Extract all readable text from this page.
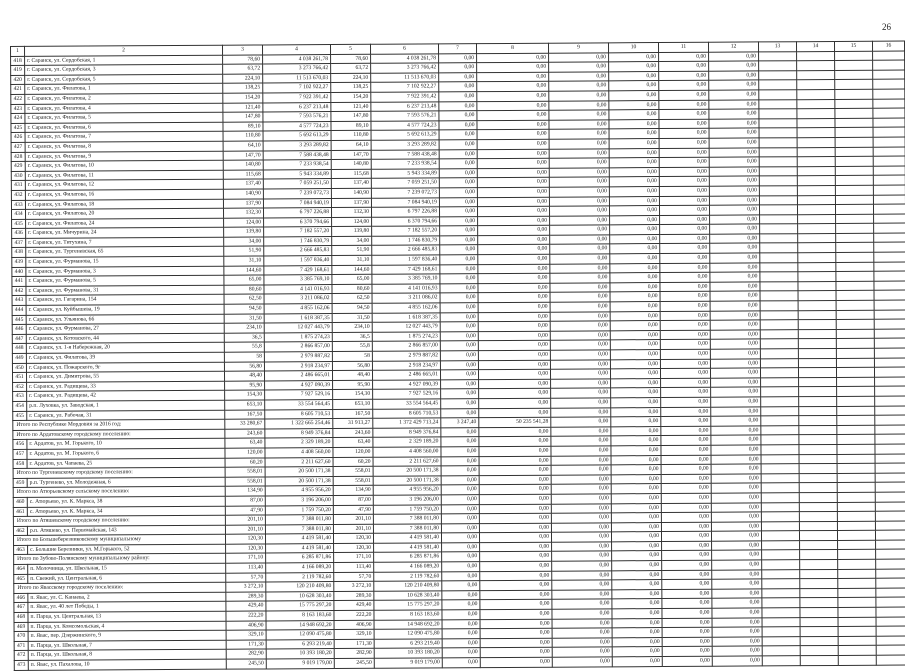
26
1	2	3	4	5	6	7	8	9	10	11	12	13	14	15	16
418	г. Саранск, ул. Сердобская, 1	78,60	4 038 261,78	78,60	4 038 261,78	0,00	0,00	0,00	0,00	0,00	0,00				
419	г. Саранск, ул. Сердобская, 3	63,72	3 273 766,42	63,72	3 273 766,42	0,00	0,00	0,00	0,00	0,00	0,00				
420	г. Саранск, ул. Сердобская, 5	224,10	11 513 670,03	224,10	11 513 670,03	0,00	0,00	0,00	0,00	0,00	0,00				
421	г. Саранск, ул. Филатова, 1	138,25	7 102 922,27	138,25	7 102 922,27	0,00	0,00	0,00	0,00	0,00	0,00				
422	г. Саранск, ул. Филатова, 2	154,20	7 922 391,42	154,20	7 922 391,42	0,00	0,00	0,00	0,00	0,00	0,00				
423	г. Саранск, ул. Филатова, 4	121,40	6 237 213,48	121,40	6 237 213,48	0,00	0,00	0,00	0,00	0,00	0,00				
424	г. Саранск, ул. Филатова, 5	147,80	7 593 576,21	147,80	7 593 576,21	0,00	0,00	0,00	0,00	0,00	0,00				
425	г. Саранск, ул. Филатова, 6	89,10	4 577 724,23	89,10	4 577 724,23	0,00	0,00	0,00	0,00	0,00	0,00				
426	г. Саранск, ул. Филатова, 7	110,80	5 692 613,29	110,80	5 692 613,29	0,00	0,00	0,00	0,00	0,00	0,00				
427	г. Саранск, ул. Филатова, 8	64,10	3 293 289,82	64,10	3 293 289,82	0,00	0,00	0,00	0,00	0,00	0,00				
428	г. Саранск, ул. Филатова, 9	147,70	7 588 438,48	147,70	7 588 438,48	0,00	0,00	0,00	0,00	0,00	0,00				
429	г. Саранск, ул. Филатова, 10	140,80	7 233 938,54	140,80	7 233 938,54	0,00	0,00	0,00	0,00	0,00	0,00				
430	г. Саранск, ул. Филатова, 11	115,68	5 943 334,89	115,68	5 943 334,89	0,00	0,00	0,00	0,00	0,00	0,00				
431	г. Саранск, ул. Филатова, 12	137,40	7 059 251,50	137,40	7 059 251,50	0,00	0,00	0,00	0,00	0,00	0,00				
432	г. Саранск, ул. Филатова, 16	140,90	7 239 072,73	140,90	7 239 072,73	0,00	0,00	0,00	0,00	0,00	0,00				
433	г. Саранск, ул. Филатова, 18	137,90	7 084 940,19	137,90	7 084 940,19	0,00	0,00	0,00	0,00	0,00	0,00				
434	г. Саранск, ул. Филатова, 20	132,30	6 797 226,88	132,30	6 797 226,88	0,00	0,00	0,00	0,00	0,00	0,00				
435	г. Саранск, ул. Филатова, 24	124,00	6 370 794,66	124,00	6 370 794,66	0,00	0,00	0,00	0,00	0,00	0,00				
436	г. Саранск, ул. Мичурина, 24	139,80	7 182 557,20	139,80	7 182 557,20	0,00	0,00	0,00	0,00	0,00	0,00				
437	г. Саранск, ул. Титухина, 7	34,00	1 746 830,79	34,00	1 746 830,79	0,00	0,00	0,00	0,00	0,00	0,00				
438	г. Саранск, ул. Тургеневская, 65	51,90	2 666 485,83	51,90	2 666 485,83	0,00	0,00	0,00	0,00	0,00	0,00				
439	г. Саранск, ул. Фурманова, 15	31,10	1 597 836,40	31,10	1 597 836,40	0,00	0,00	0,00	0,00	0,00	0,00				
440	г. Саранск, ул. Фурманова, 3	144,60	7 429 168,61	144,60	7 429 168,61	0,00	0,00	0,00	0,00	0,00	0,00				
441	г. Саранск, ул. Фурманова, 5	65,00	3 385 769,10	65,00	3 385 769,10	0,00	0,00	0,00	0,00	0,00	0,00				
442	г. Саранск, ул. Фурманова, 31	80,60	4 141 016,93	80,60	4 141 016,93	0,00	0,00	0,00	0,00	0,00	0,00				
443	г. Саранск, ул. Гагарина, 154	62,50	3 211 086,02	62,50	3 211 086,02	0,00	0,00	0,00	0,00	0,00	0,00				
444	г. Саранск, ул. Куйбышева, 19	94,50	4 855 162,06	94,50	4 855 162,06	0,00	0,00	0,00	0,00	0,00	0,00				
445	г. Саранск, ул. Ульянова, 66	31,50	1 618 387,35	31,50	1 618 387,35	0,00	0,00	0,00	0,00	0,00	0,00				
446	г. Саранск, ул. Фурманова, 27	234,10	12 027 443,79	234,10	12 027 443,79	0,00	0,00	0,00	0,00	0,00	0,00				
447	г. Саранск, ул. Котовского, 44	36,5	1 875 274,23	36,5	1 875 274,23	0,00	0,00	0,00	0,00	0,00	0,00				
448	г. Саранск, ул. 1-я Набережная, 20	55,8	2 866 857,00	55,8	2 866 857,00	0,00	0,00	0,00	0,00	0,00	0,00				
449	г. Саранск, ул. Филатова, 39	58	2 979 887,82	58	2 979 887,82	0,00	0,00	0,00	0,00	0,00	0,00				
450	г. Саранск, ул. Пожарского, 9г	56,80	2 918 234,97	56,80	2 918 234,97	0,00	0,00	0,00	0,00	0,00	0,00				
451	г. Саранск, ул. Димитрова, 55	48,40	2 486 665,01	48,40	2 486 665,01	0,00	0,00	0,00	0,00	0,00	0,00				
452	г. Саранск, ул. Радищева, 33	95,90	4 927 090,39	95,90	4 927 090,39	0,00	0,00	0,00	0,00	0,00	0,00				
453	г. Саранск, ул. Радищева, 42	154,30	7 927 529,16	154,30	7 927 529,16	0,00	0,00	0,00	0,00	0,00	0,00				
454	р.п. Луховка, ул. Заводская, 1	653,10	33 554 564,45	653,10	33 554 564,45	0,00	0,00	0,00	0,00	0,00	0,00				
455	г. Саранск, ул. Рабочая, 31	167,50	8 605 710,53	167,50	8 605 710,53	0,00	0,00	0,00	0,00	0,00	0,00				
Итого по Республике Мордовия за 2016 год:		33 280,67	1 322 665 254,46	31 913,27	1 372 429 713,24	3 247,40	50 235 541,28	0,00	0,00	0,00	0,00				
Итого по Ардатовскому городскому поселению:		243,60	8 949 376,84	243,60	8 949 376,84	0,00	0,00	0,00	0,00	0,00	0,00				
456	г. Ардатов, ул. М. Горького, 10	63,40	2 329 189,20	63,40	2 329 189,20	0,00	0,00	0,00	0,00	0,00	0,00				
457	г. Ардатов, ул. М. Горького, 6	120,00	4 408 560,00	120,00	4 408 560,00	0,00	0,00	0,00	0,00	0,00	0,00				
458	г. Ардатов, ул. Чапаева, 25	60,20	2 211 627,60	60,20	2 211 627,60	0,00	0,00	0,00	0,00	0,00	0,00				
Итого по Тургеневскому городскому поселению:		558,01	20 500 171,38	558,01	20 500 171,38	0,00	0,00	0,00	0,00	0,00	0,00				
459	р.п. Тургенево, ул. Молодежная, 6	558,01	20 500 171,38	558,01	20 500 171,38	0,00	0,00	0,00	0,00	0,00	0,00				
Итого по Атюрьевскому сельскому поселению:		134,90	4 955 956,20	134,90	4 955 956,20	0,00	0,00	0,00	0,00	0,00	0,00				
460	с. Атюрьево, ул. К. Маркса, 38	87,00	3 196 206,00	87,00	3 196 206,00	0,00	0,00	0,00	0,00	0,00	0,00				
461	с. Атюрьево, ул. К. Маркса, 34	47,90	1 759 750,20	47,90	1 759 750,20	0,00	0,00	0,00	0,00	0,00	0,00				
Итого по Атяшевскому городскому поселению:		201,10	7 388 011,80	201,10	7 388 011,80	0,00	0,00	0,00	0,00	0,00	0,00				
462	р.п. Атяшево, ул. Первомайская, 143	201,10	7 388 011,80	201,10	7 388 011,80	0,00	0,00	0,00	0,00	0,00	0,00				
Итого по Большеберезниковскому муниципальному		120,30	4 419 581,40	120,30	4 419 581,40	0,00	0,00	0,00	0,00	0,00	0,00				
463	с. Большие Березники, ул. М.Горького, 52	120,30	4 419 581,40	120,30	4 419 581,40	0,00	0,00	0,00	0,00	0,00	0,00				
Итого по Зубово-Полянскому муниципальному району:		171,10	6 285 871,86	171,10	6 285 871,86	0,00	0,00	0,00	0,00	0,00	0,00				
464	п. Молочница, ул. Школьная, 15	113,40	4 166 089,20	113,40	4 166 089,20	0,00	0,00	0,00	0,00	0,00	0,00				
465	п. Свежий, ул. Центральная, 6	57,70	2 119 782,60	57,70	2 119 782,60	0,00	0,00	0,00	0,00	0,00	0,00				
Итого по Явасскому городскому поселению:		3 272,10	120 210 409,80	3 272,10	120 210 409,80	0,00	0,00	0,00	0,00	0,00	0,00				
466	п. Явас, ул. С. Канаева, 2	289,30	10 628 303,40	289,30	10 628 303,40	0,00	0,00	0,00	0,00	0,00	0,00				
467	п. Явас, ул. 40 лет Победы, 1	429,40	15 775 297,20	429,40	15 775 297,20	0,00	0,00	0,00	0,00	0,00	0,00				
468	п. Парца, ул. Центральная, 13	222,20	8 163 183,60	222,20	8 163 183,60	0,00	0,00	0,00	0,00	0,00	0,00				
469	п. Парца, ул. Комсомольская, 4	406,90	14 948 692,20	406,90	14 948 692,20	0,00	0,00	0,00	0,00	0,00	0,00				
470	п. Явас, пер. Дзержинского, 9	329,10	12 090 475,80	329,10	12 090 475,80	0,00	0,00	0,00	0,00	0,00	0,00				
471	п. Парца, ул. Школьная, 7	171,30	6 293 219,40	171,30	6 293 219,40	0,00	0,00	0,00	0,00	0,00	0,00				
472	п. Парца, ул. Школьная, 8	282,90	10 393 180,20	282,90	10 393 180,20	0,00	0,00	0,00	0,00	0,00	0,00				
473	п. Явас, ул. Пахалова, 10	245,50	9 019 179,00	245,50	9 019 179,00	0,00	0,00	0,00	0,00	0,00	0,00				
